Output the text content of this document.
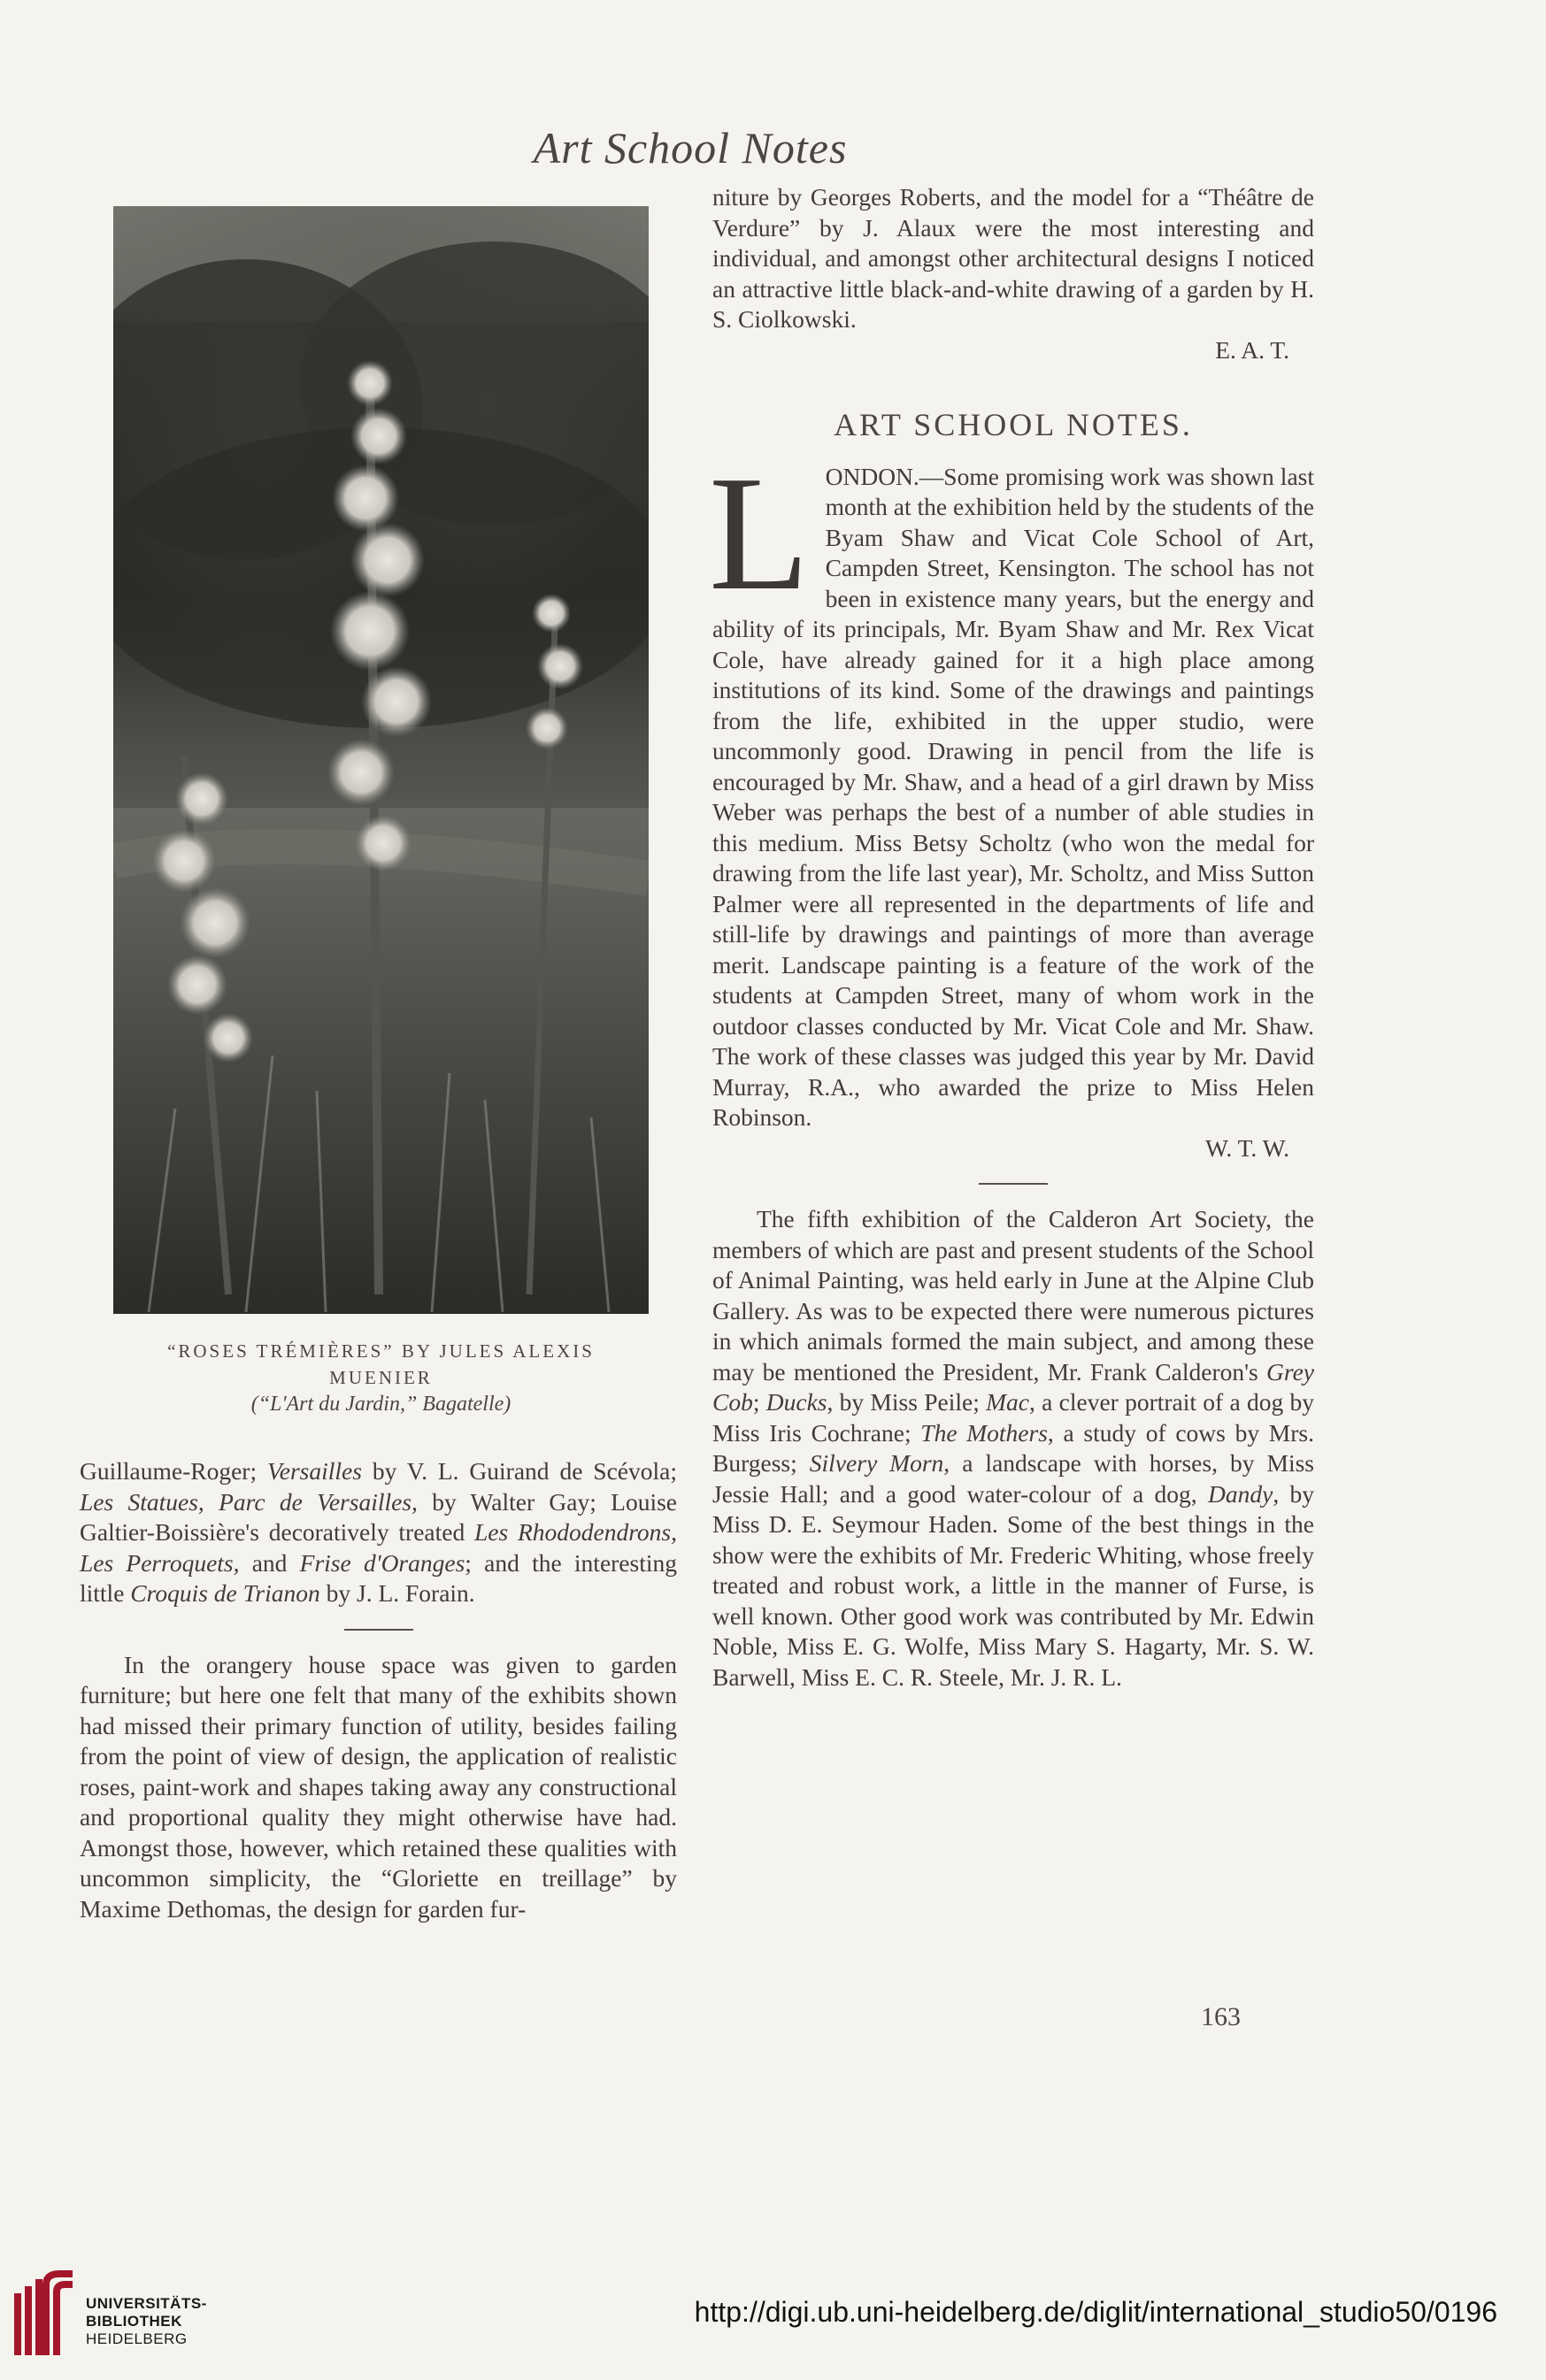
Art School Notes
“ROSES TRÉMIÈRES” BY JULES ALEXIS MUENIER
(“L'Art du Jardin,” Bagatelle)

Guillaume-Roger; Versailles by V. L. Guirand de Scévola; Les Statues, Parc de Versailles, by Walter Gay; Louise Galtier-Boissière's decoratively treated Les Rhododendrons, Les Perroquets, and Frise d'Oranges; and the interesting little Croquis de Trianon by J. L. Forain.

In the orangery house space was given to garden furniture; but here one felt that many of the exhibits shown had missed their primary function of utility, besides failing from the point of view of design, the application of realistic roses, paint-work and shapes taking away any constructional and proportional quality they might otherwise have had. Amongst those, however, which retained these qualities with uncommon simplicity, the “Gloriette en treillage” by Maxime Dethomas, the design for garden fur-

niture by Georges Roberts, and the model for a “Théâtre de Verdure” by J. Alaux were the most interesting and individual, and amongst other architectural designs I noticed an attractive little black-and-white drawing of a garden by H. S. Ciolkowski.

E. A. T.

ART SCHOOL NOTES.

LONDON.—Some promising work was shown last month at the exhibition held by the students of the Byam Shaw and Vicat Cole School of Art, Campden Street, Kensington. The school has not been in existence many years, but the energy and ability of its principals, Mr. Byam Shaw and Mr. Rex Vicat Cole, have already gained for it a high place among institutions of its kind. Some of the drawings and paintings from the life, exhibited in the upper studio, were uncommonly good. Drawing in pencil from the life is encouraged by Mr. Shaw, and a head of a girl drawn by Miss Weber was perhaps the best of a number of able studies in this medium. Miss Betsy Scholtz (who won the medal for drawing from the life last year), Mr. Scholtz, and Miss Sutton Palmer were all represented in the departments of life and still-life by drawings and paintings of more than average merit. Landscape painting is a feature of the work of the students at Campden Street, many of whom work in the outdoor classes conducted by Mr. Vicat Cole and Mr. Shaw. The work of these classes was judged this year by Mr. David Murray, R.A., who awarded the prize to Miss Helen Robinson.

W. T. W.

The fifth exhibition of the Calderon Art Society, the members of which are past and present students of the School of Animal Painting, was held early in June at the Alpine Club Gallery. As was to be expected there were numerous pictures in which animals formed the main subject, and among these may be mentioned the President, Mr. Frank Calderon's Grey Cob; Ducks, by Miss Peile; Mac, a clever portrait of a dog by Miss Iris Cochrane; The Mothers, a study of cows by Mrs. Burgess; Silvery Morn, a landscape with horses, by Miss Jessie Hall; and a good water-colour of a dog, Dandy, by Miss D. E. Seymour Haden. Some of the best things in the show were the exhibits of Mr. Frederic Whiting, whose freely treated and robust work, a little in the manner of Furse, is well known. Other good work was contributed by Mr. Edwin Noble, Miss E. G. Wolfe, Miss Mary S. Hagarty, Mr. S. W. Barwell, Miss E. C. R. Steele, Mr. J. R. L.

163
UNIVERSITÄTS-
BIBLIOTHEK
HEIDELBERG
http://digi.ub.uni-heidelberg.de/diglit/international_studio50/0196
